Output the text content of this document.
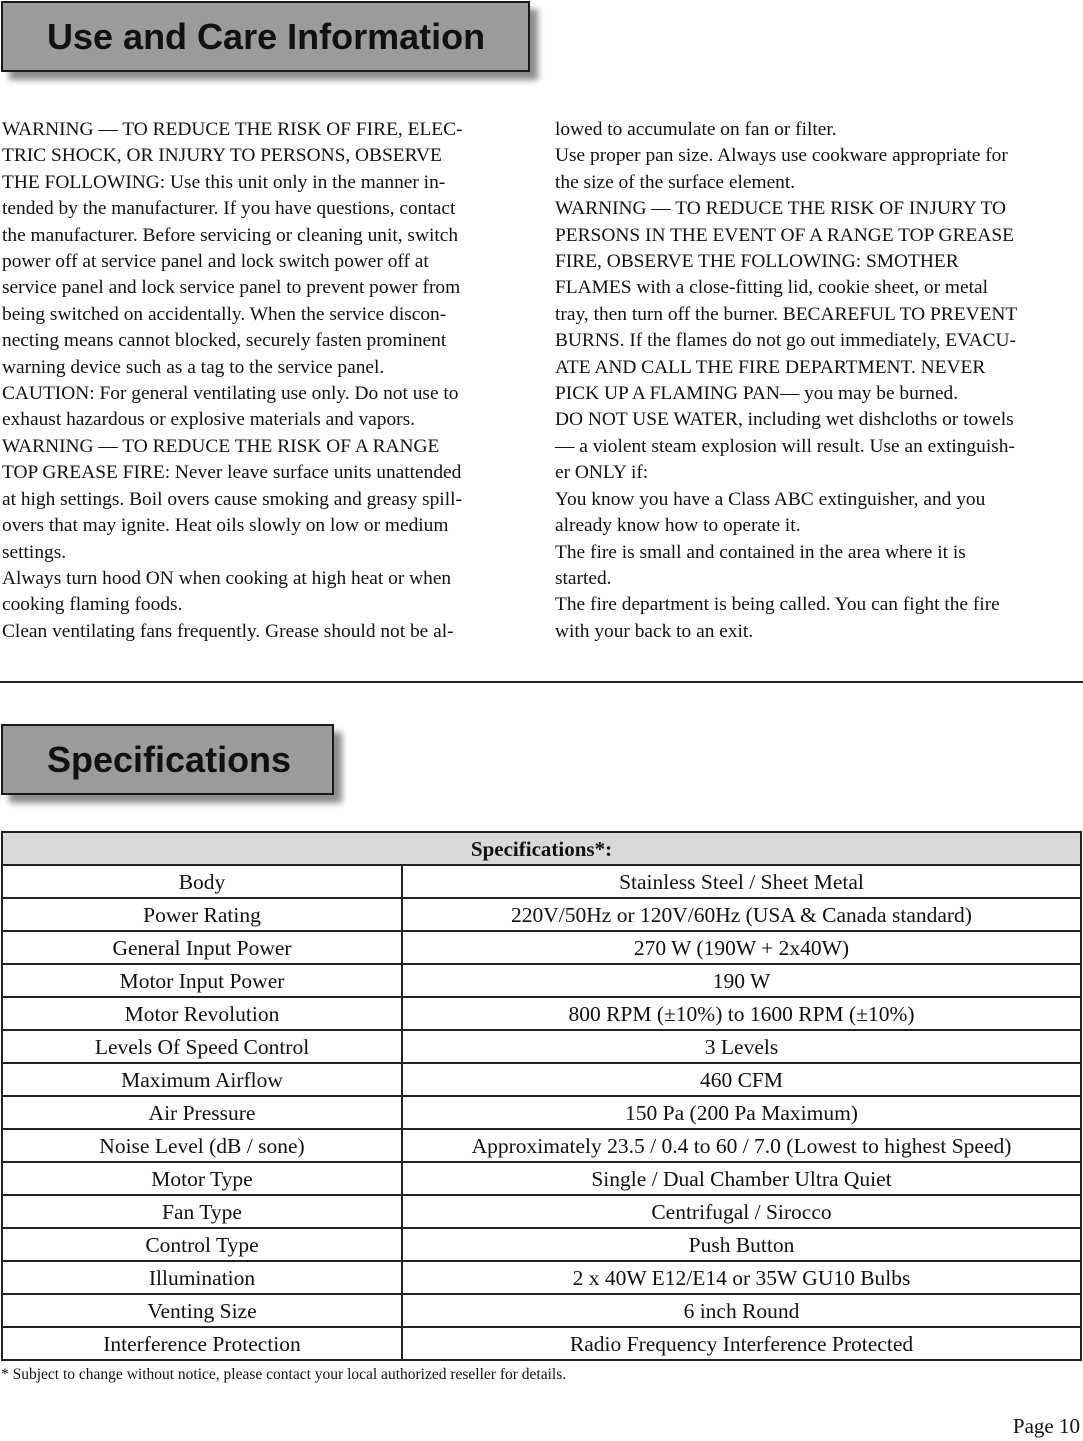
Use and Care Information

WARNING — TO REDUCE THE RISK OF FIRE, ELEC-

TRIC SHOCK, OR INJURY TO PERSONS, OBSERVE

THE FOLLOWING: Use this unit only in the manner in-

tended by the manufacturer. If you have questions, contact

the manufacturer. Before servicing or cleaning unit, switch

power off at service panel and lock switch power off at

service panel and lock service panel to prevent power from

being switched on accidentally. When the service discon-

necting means cannot blocked, securely fasten prominent

warning device such as a tag to the service panel.

CAUTION: For general ventilating use only. Do not use to

exhaust hazardous or explosive materials and vapors.

WARNING — TO REDUCE THE RISK OF A RANGE

TOP GREASE FIRE: Never leave surface units unattended

at high settings. Boil overs cause smoking and greasy spill-

overs that may ignite. Heat oils slowly on low or medium

settings.

Always turn hood ON when cooking at high heat or when

cooking flaming foods.

Clean ventilating fans frequently. Grease should not be al-

lowed to accumulate on fan or filter.

Use proper pan size. Always use cookware appropriate for

the size of the surface element.

WARNING — TO REDUCE THE RISK OF INJURY TO

PERSONS IN THE EVENT OF A RANGE TOP GREASE

FIRE, OBSERVE THE FOLLOWING: SMOTHER

FLAMES with a close-fitting lid, cookie sheet, or metal

tray, then turn off the burner. BECAREFUL TO PREVENT

BURNS. If the flames do not go out immediately, EVACU-

ATE AND CALL THE FIRE DEPARTMENT. NEVER

PICK UP A FLAMING PAN— you may be burned.

DO NOT USE WATER, including wet dishcloths or towels

— a violent steam explosion will result. Use an extinguish-

er ONLY if:

You know you have a Class ABC extinguisher, and you

already know how to operate it.

The fire is small and contained in the area where it is

started.

The fire department is being called. You can fight the fire

with your back to an exit.

Specifications
Specifications*:	
Body	Stainless Steel / Sheet Metal
Power Rating	220V/50Hz or 120V/60Hz (USA & Canada standard)
General Input Power	270 W (190W + 2x40W)
Motor Input Power	190 W
Motor Revolution	800 RPM (±10%) to 1600 RPM (±10%)
Levels Of Speed Control	3 Levels
Maximum Airflow	460 CFM
Air Pressure	150 Pa (200 Pa Maximum)
Noise Level (dB / sone)	Approximately 23.5 / 0.4 to 60 / 7.0 (Lowest to highest Speed)
Motor Type	Single / Dual Chamber Ultra Quiet
Fan Type	Centrifugal / Sirocco
Control Type	Push Button
Illumination	2 x 40W E12/E14 or 35W GU10 Bulbs
Venting Size	6 inch Round
Interference Protection	Radio Frequency Interference Protected
* Subject to change without notice, please contact your local authorized reseller for details.
Page 10
